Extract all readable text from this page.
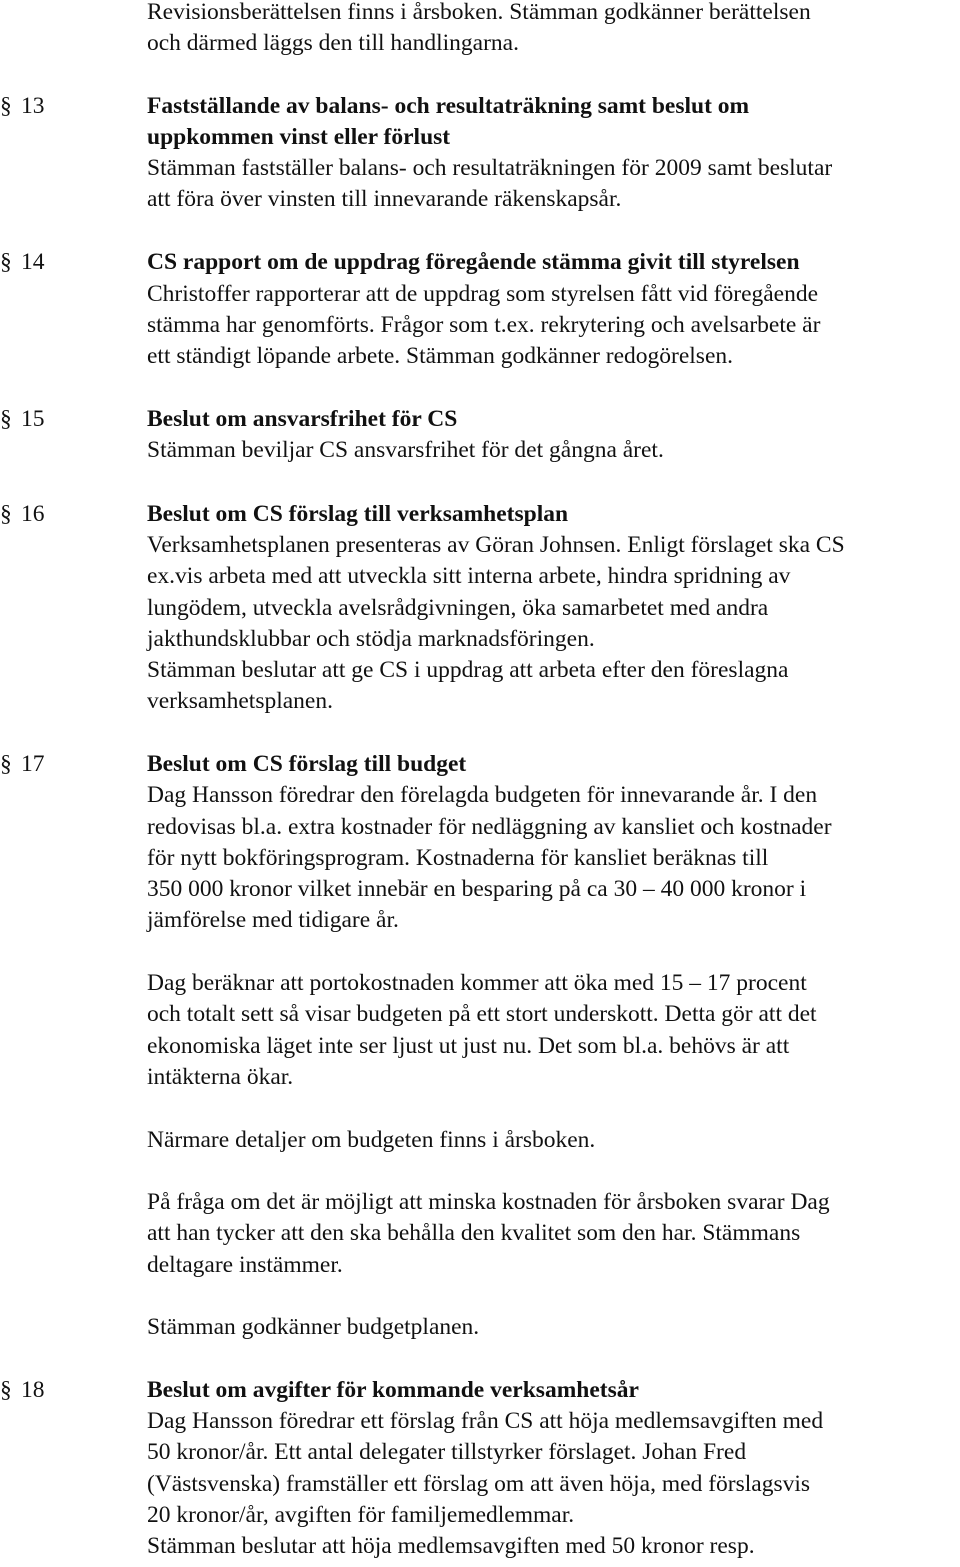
Revisionsberättelsen finns i årsboken. Stämman godkänner berättelsen
och därmed läggs den till handlingarna.
§ 13	Fastställande av balans- och resultaträkning samt beslut om
uppkommen vinst eller förlust
Stämman fastställer balans- och resultaträkningen för 2009 samt beslutar
att föra över vinsten till innevarande räkenskapsår.
§ 14	CS rapport om de uppdrag föregående stämma givit till styrelsen
Christoffer rapporterar att de uppdrag som styrelsen fått vid föregående
stämma har genomförts. Frågor som t.ex. rekrytering och avelsarbete är
ett ständigt löpande arbete. Stämman godkänner redogörelsen.
§ 15	Beslut om ansvarsfrihet för CS
Stämman beviljar CS ansvarsfrihet för det gångna året.
§ 16	Beslut om CS förslag till verksamhetsplan
Verksamhetsplanen presenteras av Göran Johnsen. Enligt förslaget ska CS
ex.vis arbeta med att utveckla sitt interna arbete, hindra spridning av
lungödem, utveckla avelsrådgivningen, öka samarbetet med andra
jakthundsklubbar och stödja marknadsföringen.
Stämman beslutar att ge CS i uppdrag att arbeta efter den föreslagna
verksamhetsplanen.
§ 17	Beslut om CS förslag till budget
Dag Hansson föredrar den förelagda budgeten för innevarande år. I den
redovisas bl.a. extra kostnader för nedläggning av kansliet och kostnader
för nytt bokföringsprogram. Kostnaderna för kansliet beräknas till
350 000 kronor vilket innebär en besparing på ca 30 – 40 000 kronor i
jämförelse med tidigare år.
Dag beräknar att portokostnaden kommer att öka med 15 – 17 procent
och totalt sett så visar budgeten på ett stort underskott. Detta gör att det
ekonomiska läget inte ser ljust ut just nu. Det som bl.a. behövs är att
intäkterna ökar.
Närmare detaljer om budgeten finns i årsboken.
På fråga om det är möjligt att minska kostnaden för årsboken svarar Dag
att han tycker att den ska behålla den kvalitet som den har. Stämmans
deltagare instämmer.
Stämman godkänner budgetplanen.
§ 18	Beslut om avgifter för kommande verksamhetsår
Dag Hansson föredrar ett förslag från CS att höja medlemsavgiften med
50 kronor/år. Ett antal delegater tillstyrker förslaget. Johan Fred
(Västsvenska) framställer ett förslag om att även höja, med förslagsvis
20 kronor/år, avgiften för familjemedlemmar.
Stämman beslutar att höja medlemsavgiften med 50 kronor resp.
